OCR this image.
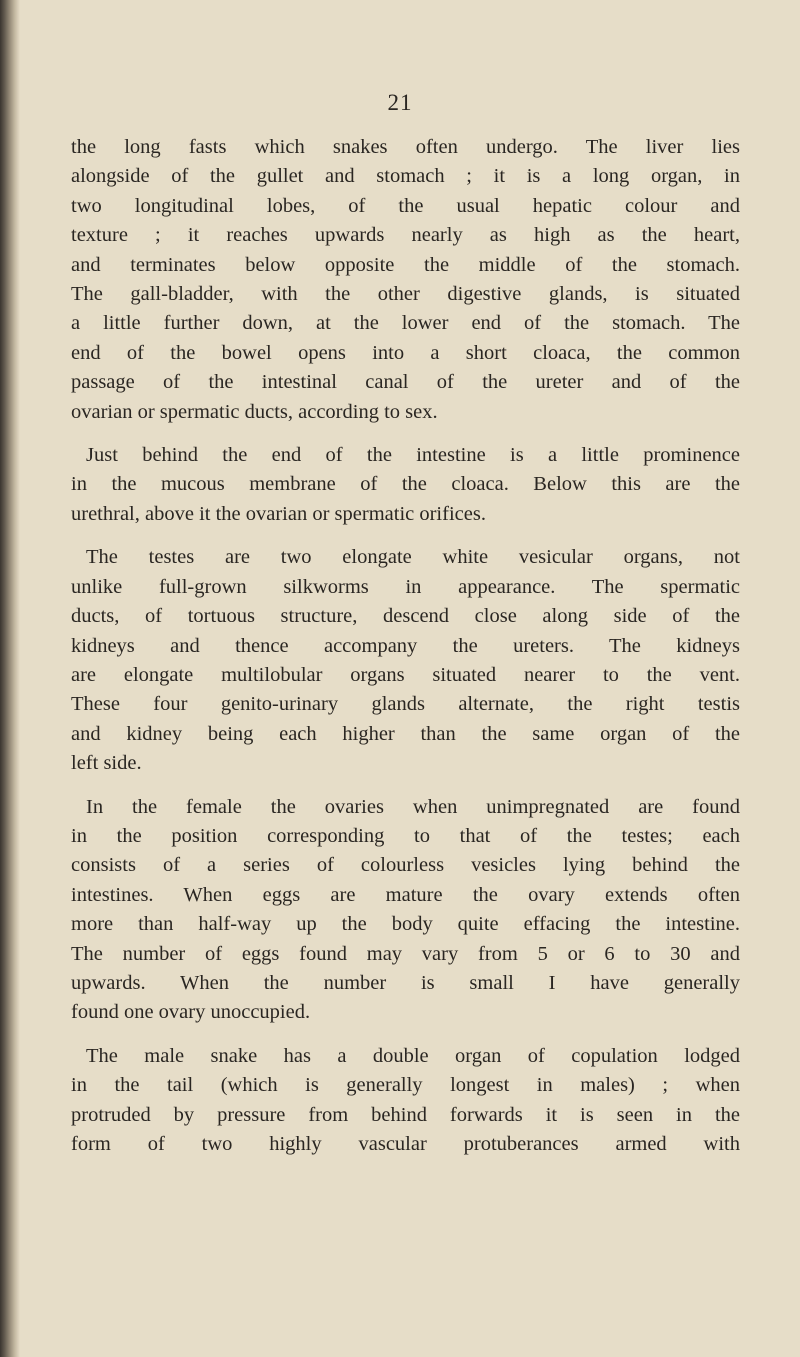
21
the long fasts which snakes often undergo. The liver lies
alongside of the gullet and stomach ; it is a long organ, in
two longitudinal lobes, of the usual hepatic colour and
texture ; it reaches upwards nearly as high as the heart,
and terminates below opposite the middle of the stomach.
The gall-bladder, with the other digestive glands, is situated
a little further down, at the lower end of the stomach. The
end of the bowel opens into a short cloaca, the common
passage of the intestinal canal of the ureter and of the
ovarian or spermatic ducts, according to sex.
Just behind the end of the intestine is a little prominence
in the mucous membrane of the cloaca. Below this are the
urethral, above it the ovarian or spermatic orifices.
The testes are two elongate white vesicular organs, not
unlike full-grown silkworms in appearance. The spermatic
ducts, of tortuous structure, descend close along side of the
kidneys and thence accompany the ureters. The kidneys
are elongate multilobular organs situated nearer to the vent.
These four genito-urinary glands alternate, the right testis
and kidney being each higher than the same organ of the
left side.
In the female the ovaries when unimpregnated are found
in the position corresponding to that of the testes; each
consists of a series of colourless vesicles lying behind the
intestines. When eggs are mature the ovary extends often
more than half-way up the body quite effacing the intestine.
The number of eggs found may vary from 5 or 6 to 30 and
upwards. When the number is small I have generally
found one ovary unoccupied.
The male snake has a double organ of copulation lodged
in the tail (which is generally longest in males) ; when
protruded by pressure from behind forwards it is seen in the
form of two highly vascular protuberances armed with
